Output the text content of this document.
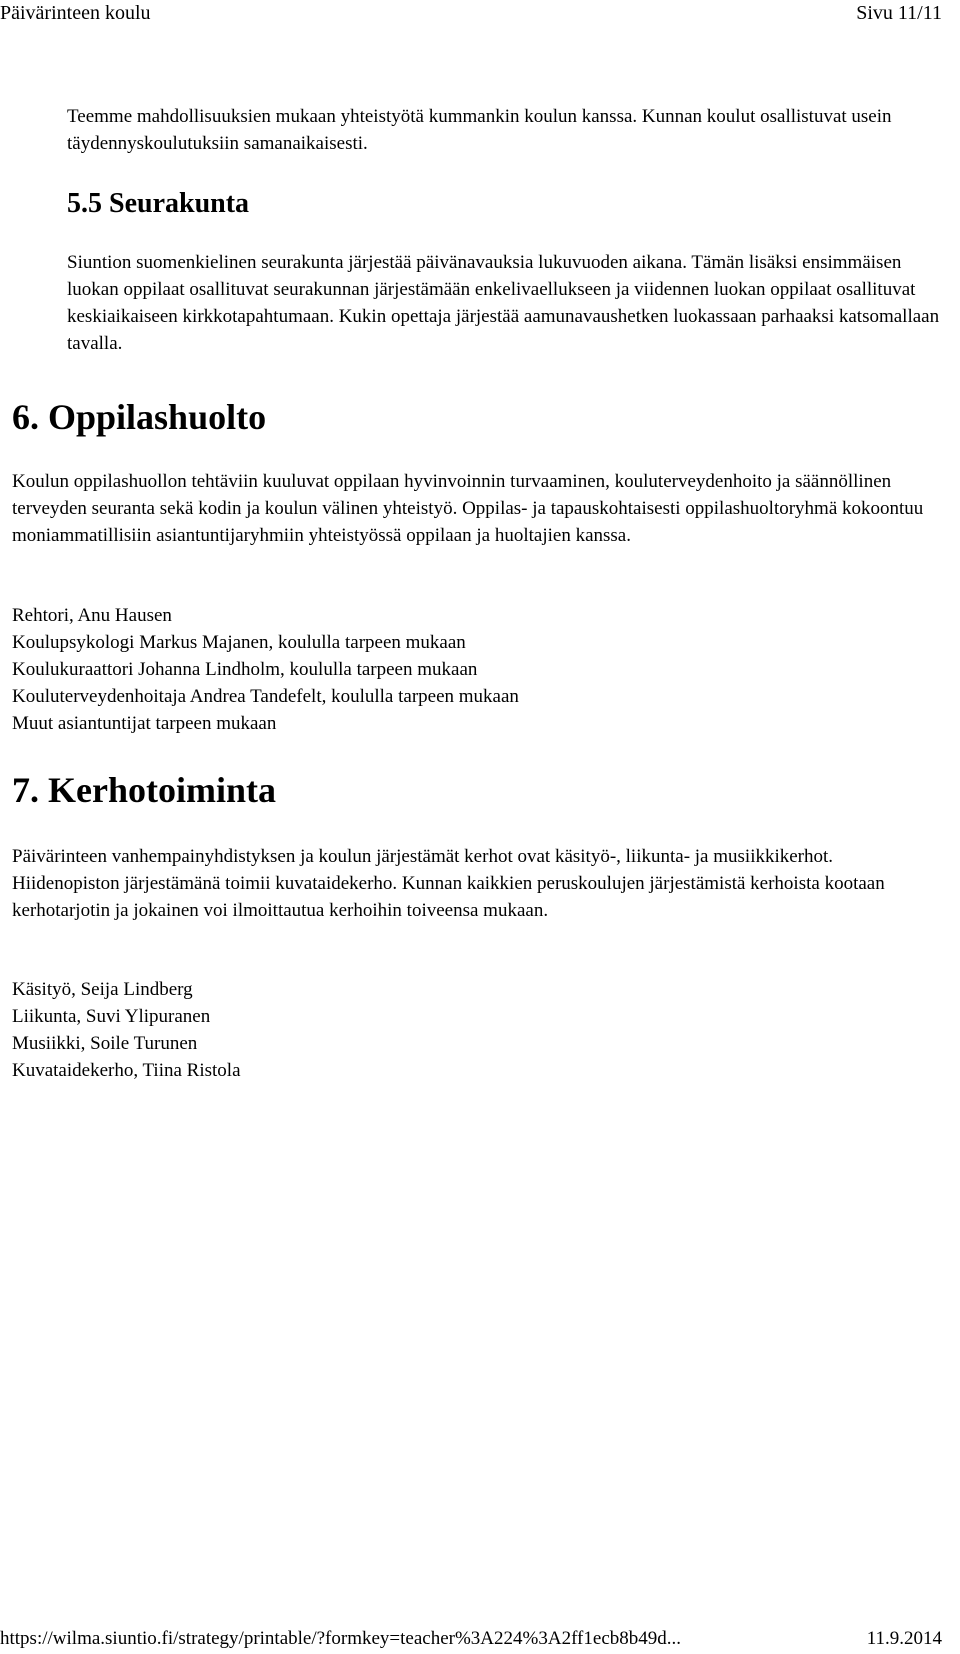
Päivärinteen koulu	Sivu 11/11

Teemme mahdollisuuksien mukaan yhteistyötä kummankin koulun kanssa. Kunnan koulut osallistuvat usein täydennyskoulutuksiin samanaikaisesti.

5.5 Seurakunta

Siuntion suomenkielinen seurakunta järjestää päivänavauksia lukuvuoden aikana. Tämän lisäksi ensimmäisen luokan oppilaat osallituvat seurakunnan järjestämään enkelivaellukseen ja viidennen luokan oppilaat osallituvat keskiaikaiseen kirkkotapahtumaan. Kukin opettaja järjestää aamunavaushetken luokassaan parhaaksi katsomallaan tavalla.

6. Oppilashuolto

Koulun oppilashuollon tehtäviin kuuluvat oppilaan hyvinvoinnin turvaaminen, kouluterveydenhoito ja säännöllinen terveyden seuranta sekä kodin ja koulun välinen yhteistyö. Oppilas- ja tapauskohtaisesti oppilashuoltoryhmä kokoontuu moniammatillisiin asiantuntijaryhmiin yhteistyössä oppilaan ja huoltajien kanssa.

Rehtori, Anu Hausen
Koulupsykologi Markus Majanen, koululla tarpeen mukaan
Koulukuraattori Johanna Lindholm, koululla tarpeen mukaan
Kouluterveydenhoitaja Andrea Tandefelt, koululla tarpeen mukaan
Muut asiantuntijat tarpeen mukaan
7. Kerhotoiminta

Päivärinteen vanhempainyhdistyksen ja koulun järjestämät kerhot ovat käsityö-, liikunta- ja musiikkikerhot. Hiidenopiston järjestämänä toimii kuvataidekerho. Kunnan kaikkien peruskoulujen järjestämistä kerhoista kootaan kerhotarjotin ja jokainen voi ilmoittautua kerhoihin toiveensa mukaan.

Käsityö, Seija Lindberg
Liikunta, Suvi Ylipuranen
Musiikki, Soile Turunen
Kuvataidekerho, Tiina Ristola
https://wilma.siuntio.fi/strategy/printable/?formkey=teacher%3A224%3A2ff1ecb8b49d...	11.9.2014
